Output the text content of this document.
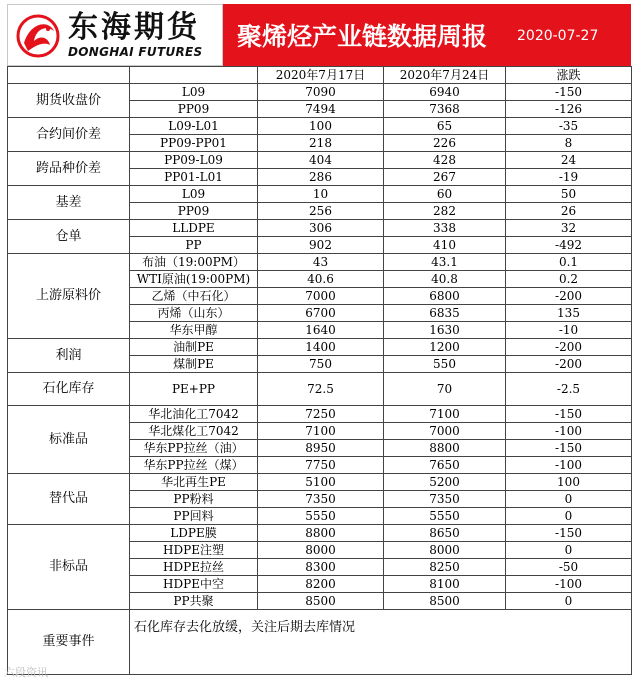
东海期货
DONGHAI FUTURES
聚烯烃产业链数据周报 2020-07-27
		2020年7月17日	2020年7月24日	涨跌
期货收盘价	L09	7090	6940	-150
	PP09	7494	7368	-126
合约间价差	L09-L01	100	65	-35
	PP09-PP01	218	226	8
跨品种价差	PP09-L09	404	428	24
	PP01-L01	286	267	-19
基差	L09	10	60	50
	PP09	256	282	26
仓单	LLDPE	306	338	32
	PP	902	410	-492
上游原料价	布油（19:00PM）	43	43.1	0.1
	WTI原油(19:00PM)	40.6	40.8	0.2
	乙烯（中石化）	7000	6800	-200
	丙烯（山东）	6700	6835	135
	华东甲醇	1640	1630	-10
利润	油制PE	1400	1200	-200
	煤制PE	750	550	-200
石化库存	PE+PP	72.5	70	-2.5
标准品	华北油化工7042	7250	7100	-150
	华北煤化工7042	7100	7000	-100
	华东PP拉丝（油）	8950	8800	-150
	华东PP拉丝（煤）	7750	7650	-100
替代品	华北再生PE	5100	5200	100
	PP粉料	7350	7350	0
	PP回料	5550	5550	0
非标品	LDPE膜	8800	8650	-150
	HDPE注塑	8000	8000	0
	HDPE拉丝	8300	8250	-50
	HDPE中空	8200	8100	-100
	PP共聚	8500	8500	0
重要事件	石化库存去化放缓，关注后期去库情况			
六段资讯
